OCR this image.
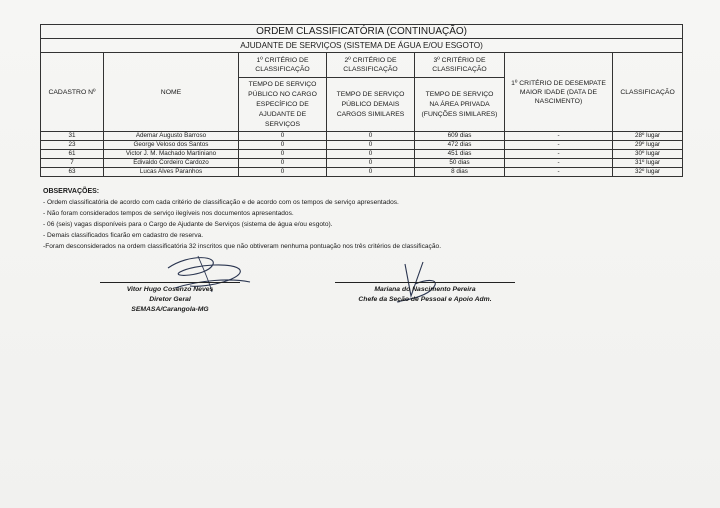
ORDEM CLASSIFICATÓRIA (CONTINUAÇÃO)						
AJUDANTE DE SERVIÇOS (SISTEMA DE ÁGUA E/OU ESGOTO)						
CADASTRO Nº	NOME	1º CRITÉRIO DE CLASSIFICAÇÃO	2º CRITÉRIO DE CLASSIFICAÇÃO	3º CRITÉRIO DE CLASSIFICAÇÃO	1º CRITÉRIO DE DESEMPATE MAIOR IDADE (DATA DE NASCIMENTO)	CLASSIFICAÇÃO
		TEMPO DE SERVIÇO PÚBLICO NO CARGO ESPECÍFICO DE AJUDANTE DE SERVIÇOS	TEMPO DE SERVIÇO PÚBLICO DEMAIS CARGOS SIMILARES	TEMPO DE SERVIÇO NA ÁREA PRIVADA (FUNÇÕES SIMILARES)		
31	Ademar Augusto Barroso	0	0	609 dias	-	28º lugar
23	George Veloso dos Santos	0	0	472 dias	-	29º lugar
61	Victor J. M. Machado Martiniano	0	0	451 dias	-	30º lugar
7	Edivaldo Cordeiro Cardozo	0	0	50 dias	-	31º lugar
63	Lucas Alves Paranhos	0	0	8 dias	-	32º lugar
OBSERVAÇÕES:
- Ordem classificatória de acordo com cada critério de classificação e de acordo com os tempos de serviço apresentados.
- Não foram considerados tempos de serviço ilegíveis nos documentos apresentados.
- 06 (seis) vagas disponíveis para o Cargo de Ajudante de Serviços (sistema de água e/ou esgoto).
- Demais classificados ficarão em cadastro de reserva.
-Foram desconsiderados na ordem classificatória 32 inscritos que não obtiveram nenhuma pontuação nos três critérios de classificação.
Vitor Hugo Cosenzo Neves
Diretor Geral
SEMASA/Carangola-MG
Mariana do Nascimento Pereira
Chefe da Seção de Pessoal e Apoio Adm.
